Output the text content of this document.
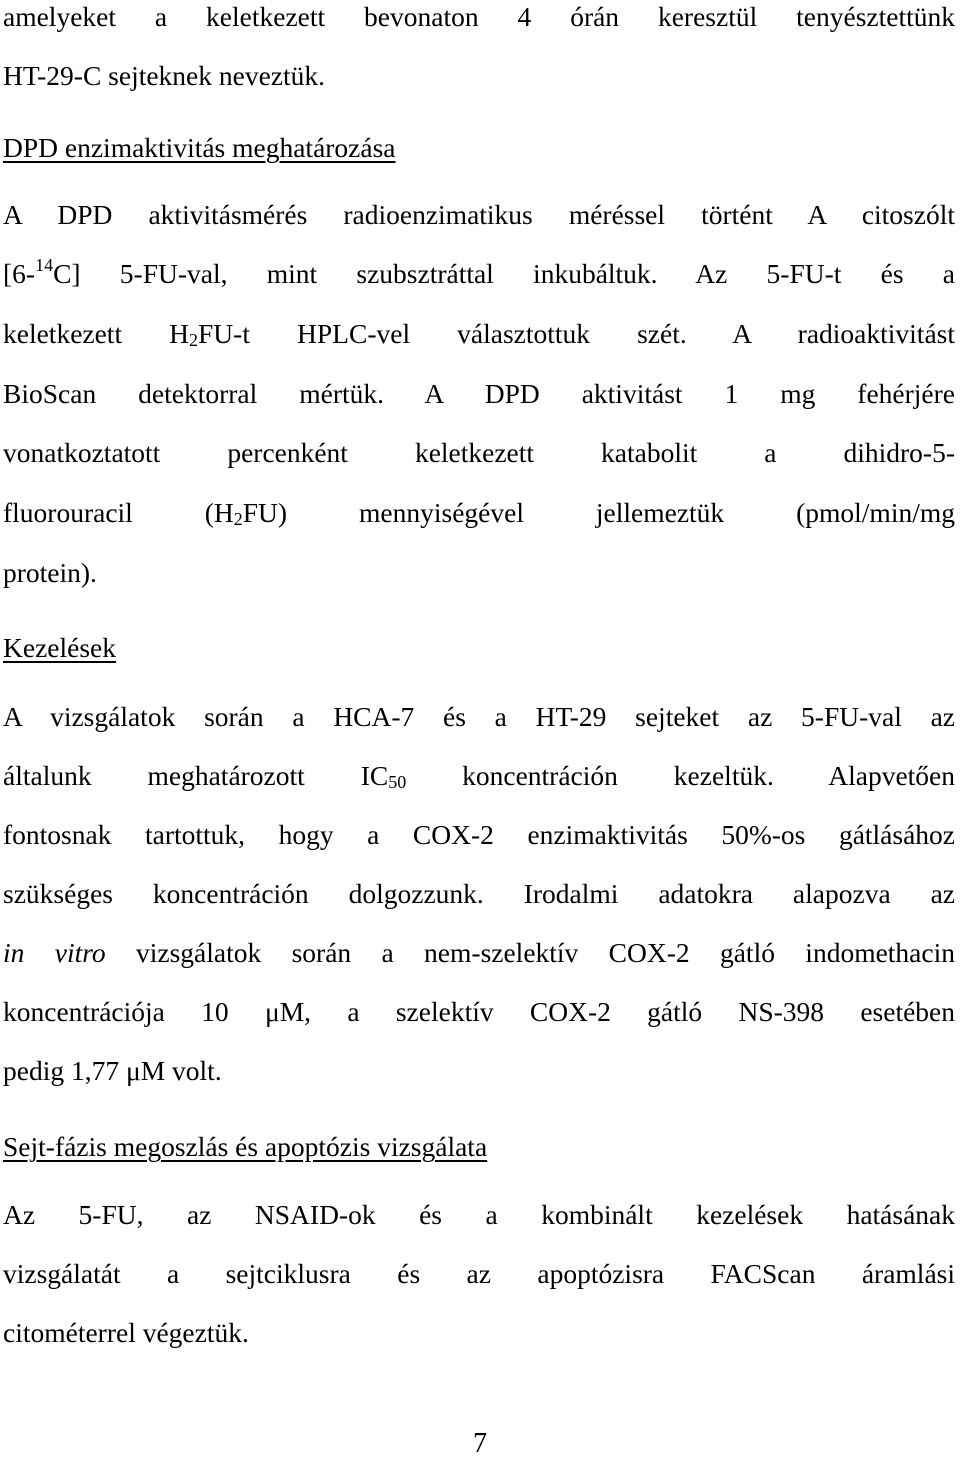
amelyeket a keletkezett bevonaton 4 órán keresztül tenyésztettünk
HT-29-C sejteknek neveztük.
DPD enzimaktivitás meghatározása
A DPD aktivitásmérés radioenzimatikus méréssel történt A citoszólt
[6-$^{14}$C] 5-FU-val, mint szubsztráttal inkubáltuk. Az 5-FU-t és a
keletkezett $H_2FU-t$ HPLC-vel választottuk szét. A radioaktivitást
BioScan detektorral mértük. A DPD aktivitást 1 mg fehérjére
vonatkoztatott percenként keletkezett katabolit a dihidro-5-
fluorouracil $(H_2FU)$ mennyiségével jellemeztük (pmol/min/mg
protein).
Kezelések
A vizsgálatok során a HCA-7 és a HT-29 sejteket az 5-FU-val az
általunk meghatározott $IC_{50}$ koncentráción kezeltük. Alapvetően
fontosnak tartottuk, hogy a COX-2 enzimaktivitás 50%-os gátlásához
szükséges koncentráción dolgozzunk. Irodalmi adatokra alapozva az
in vitro vizsgálatok során a nem-szelektív COX-2 gátló indomethacin
koncentrációja 10 μM, a szelektív COX-2 gátló NS-398 esetében
pedig 1,77 μM volt.
Sejt-fázis megoszlás és apoptózis vizsgálata
Az 5-FU, az NSAID-ok és a kombinált kezelések hatásának
vizsgálatát a sejtciklusra és az apoptózisra FACScan áramlási
citométerrel végeztük.
7
